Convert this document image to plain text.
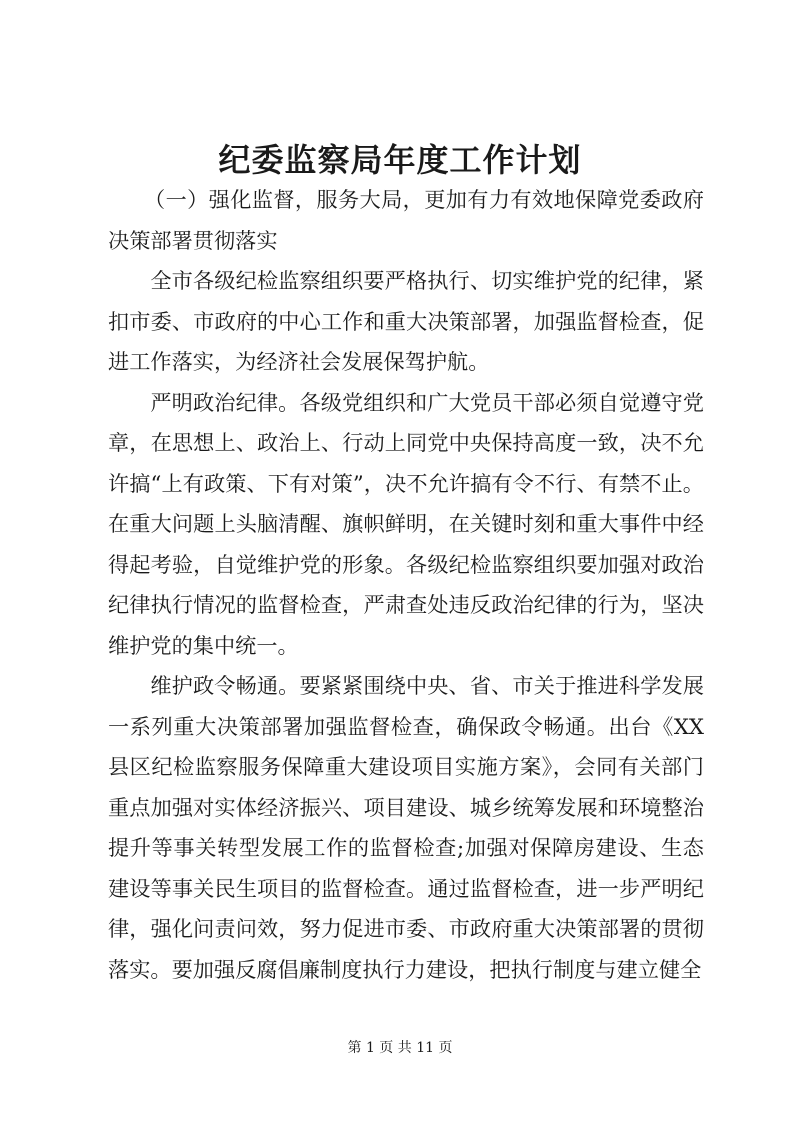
纪委监察局年度工作计划

（一）强化监督，服务大局，更加有力有效地保障党委政府决策部署贯彻落实

全市各级纪检监察组织要严格执行、切实维护党的纪律，紧扣市委、市政府的中心工作和重大决策部署，加强监督检查，促进工作落实，为经济社会发展保驾护航。

严明政治纪律。各级党组织和广大党员干部必须自觉遵守党章，在思想上、政治上、行动上同党中央保持高度一致，决不允许搞“上有政策、下有对策”，决不允许搞有令不行、有禁不止。在重大问题上头脑清醒、旗帜鲜明，在关键时刻和重大事件中经得起考验，自觉维护党的形象。各级纪检监察组织要加强对政治纪律执行情况的监督检查，严肃查处违反政治纪律的行为，坚决维护党的集中统一。

维护政令畅通。要紧紧围绕中央、省、市关于推进科学发展一系列重大决策部署加强监督检查，确保政令畅通。出台《XX县区纪检监察服务保障重大建设项目实施方案》，会同有关部门重点加强对实体经济振兴、项目建设、城乡统筹发展和环境整治提升等事关转型发展工作的监督检查;加强对保障房建设、生态建设等事关民生项目的监督检查。通过监督检查，进一步严明纪律，强化问责问效，努力促进市委、市政府重大决策部署的贯彻落实。要加强反腐倡廉制度执行力建设，把执行制度与建立健全

第 1 页 共 11 页
